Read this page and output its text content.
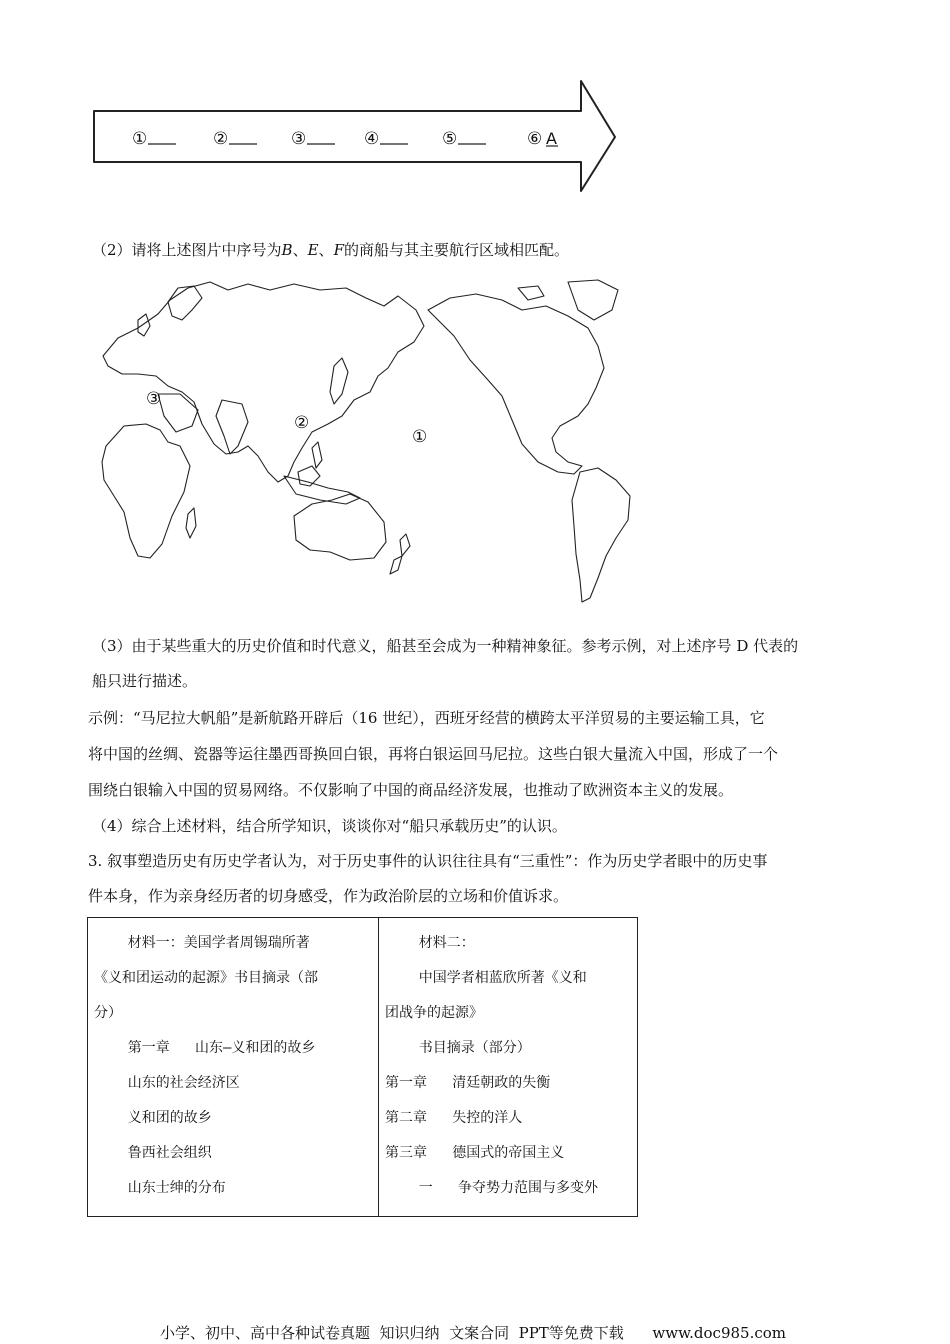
①	②	③	④	⑤	⑥ A
（2）请将上述图片中序号为B、E、F的商船与其主要航行区域相匹配。
①
②
③
（3）由于某些重大的历史价值和时代意义，船甚至会成为一种精神象征。参考示例，对上述序号 D 代表的
船只进行描述。
示例：“马尼拉大帆船”是新航路开辟后（16 世纪），西班牙经营的横跨太平洋贸易的主要运输工具，它
将中国的丝绸、瓷器等运往墨西哥换回白银，再将白银运回马尼拉。这些白银大量流入中国，形成了一个
围绕白银输入中国的贸易网络。不仅影响了中国的商品经济发展，也推动了欧洲资本主义的发展。
（4）综合上述材料，结合所学知识，谈谈你对“船只承载历史”的认识。
3. 叙事塑造历史有历史学者认为，对于历史事件的认识往往具有“三重性”：作为历史学者眼中的历史事
件本身，作为亲身经历者的切身感受，作为政治阶层的立场和价值诉求。
材料一：美国学者周锡瑞所著
《义和团运动的起源》书目摘录（部
分）
第一章   山东—义和团的故乡
山东的社会经济区
义和团的故乡
鲁西社会组织
山东士绅的分布

材料二：
中国学者相蓝欣所著《义和
团战争的起源》
书目摘录（部分）
第一章   清廷朝政的失衡
第二章   失控的洋人
第三章   德国式的帝国主义
一   争夺势力范围与多变外
小学、初中、高中各种试卷真题  知识归纳  文案合同  PPT等免费下载      www.doc985.com
